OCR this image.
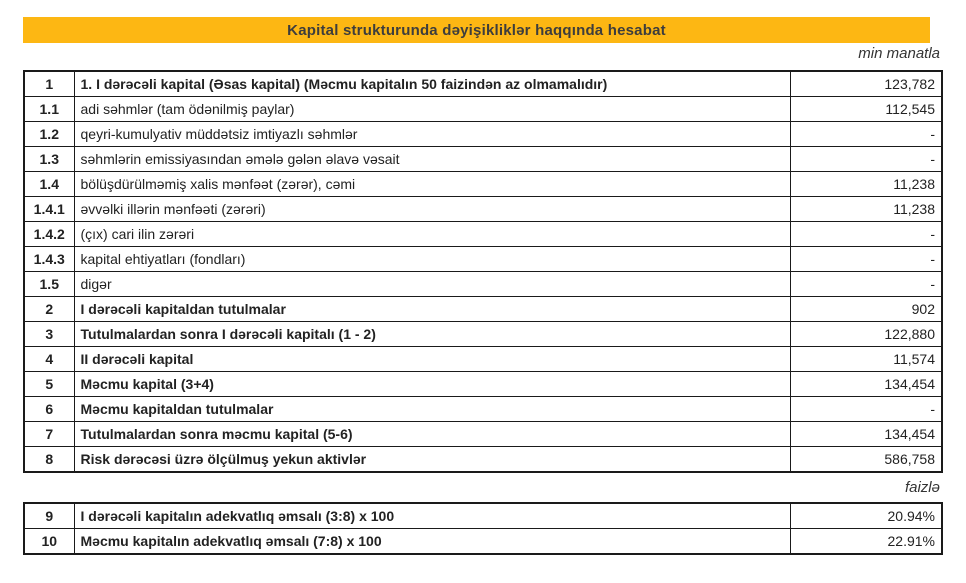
Kapital strukturunda dəyişikliklər haqqında hesabat
min manatla
1	1. I dərəcəli kapital (Əsas kapital) (Məcmu kapitalın 50 faizindən az olmamalıdır)	123,782
1.1	adi səhmlər (tam ödənilmiş paylar)	112,545
1.2	qeyri-kumulyativ müddətsiz imtiyazlı səhmlər	-
1.3	səhmlərin emissiyasından əmələ gələn əlavə vəsait	-
1.4	bölüşdürülməmiş xalis mənfəət (zərər), cəmi	11,238
1.4.1	əvvəlki illərin mənfəəti (zərəri)	11,238
1.4.2	(çıx) cari ilin zərəri	-
1.4.3	kapital ehtiyatları (fondları)	-
1.5	digər	-
2	I dərəcəli kapitaldan tutulmalar	902
3	Tutulmalardan sonra I dərəcəli kapitalı (1 - 2)	122,880
4	II dərəcəli kapital	11,574
5	Məcmu kapital (3+4)	134,454
6	Məcmu kapitaldan tutulmalar	-
7	Tutulmalardan sonra məcmu kapital (5-6)	134,454
8	Risk dərəcəsi üzrə ölçülmuş yekun aktivlər	586,758
faizlə
9	I dərəcəli kapitalın adekvatlıq əmsalı (3:8) x 100	20.94%
10	Məcmu kapitalın adekvatlıq əmsalı (7:8) x 100	22.91%
